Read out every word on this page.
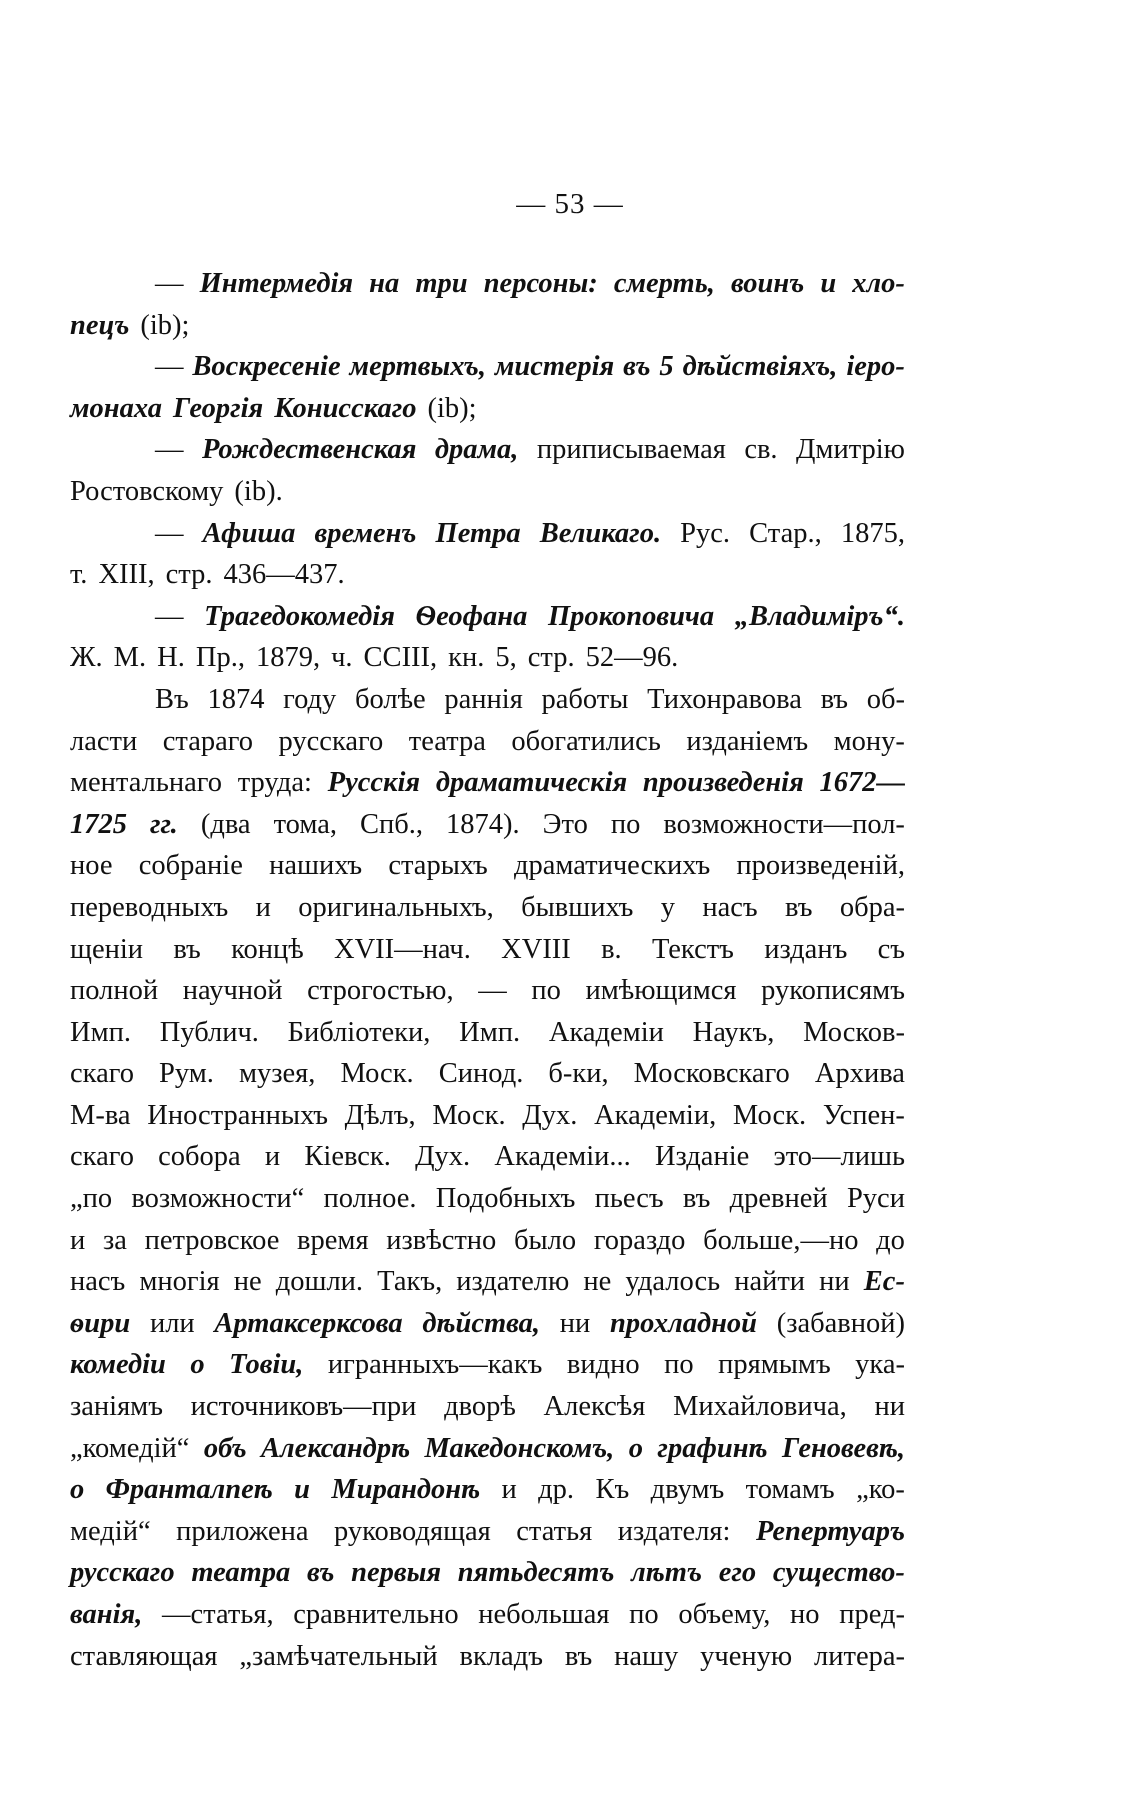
— 53 —
— Интермедія на три персоны: смерть, воинъ и хло-
пецъ (ib);
— Воскресеніе мертвыхъ, мистерія въ 5 дѣйствіяхъ, iеро-
монаха Георгія Конисскаго (ib);
— Рождественская драма, приписываемая св. Дмитрію
Ростовскому (ib).
— Афиша временъ Петра Великаго. Рус. Стар., 1875,
т. XIII, стр. 436—437.
— Трагедокомедія Ѳеофана Прокоповича „Владиміръ“.
Ж. М. Н. Пр., 1879, ч. CCIII, кн. 5, стр. 52—96.
Въ 1874 году болѣе раннія работы Тихонравова въ об-
ласти стараго русскаго театра обогатились изданіемъ мону-
ментальнаго труда: Русскія драматическія произведенія 1672—
1725 гг. (два тома, Спб., 1874). Это по возможности—пол-
ное собраніе нашихъ старыхъ драматическихъ произведеній,
переводныхъ и оригинальныхъ, бывшихъ у насъ въ обра-
щеніи въ концѣ XVII—нач. XVIII в. Текстъ изданъ съ
полной научной строгостью, — по имѣющимся рукописямъ
Имп. Публич. Библіотеки, Имп. Академіи Наукъ, Москов-
скаго Рум. музея, Моск. Синод. б-ки, Московскаго Архива
М-ва Иностранныхъ Дѣлъ, Моск. Дух. Академіи, Моск. Успен-
скаго собора и Кіевск. Дух. Академіи... Изданіе это—лишь
„по возможности“ полное. Подобныхъ пьесъ въ древней Руси
и за петровское время извѣстно было гораздо больше,—но до
насъ многія не дошли. Такъ, издателю не удалось найти ни Ес-
ѳири или Артаксерксова дѣйства, ни прохладной (забавной)
комедіи о Товіи, игранныхъ—какъ видно по прямымъ ука-
заніямъ источниковъ—при дворѣ Алексѣя Михайловича, ни
„комедій“ объ Александрѣ Македонскомъ, о графинѣ Геновевѣ,
о Франталпеѣ и Мирандонѣ и др. Къ двумъ томамъ „ко-
медій“ приложена руководящая статья издателя: Репертуаръ
русскаго театра въ первыя пятьдесятъ лѣтъ его существо-
ванія, —статья, сравнительно небольшая по объему, но пред-
ставляющая „замѣчательный вкладъ въ нашу ученую литера-
